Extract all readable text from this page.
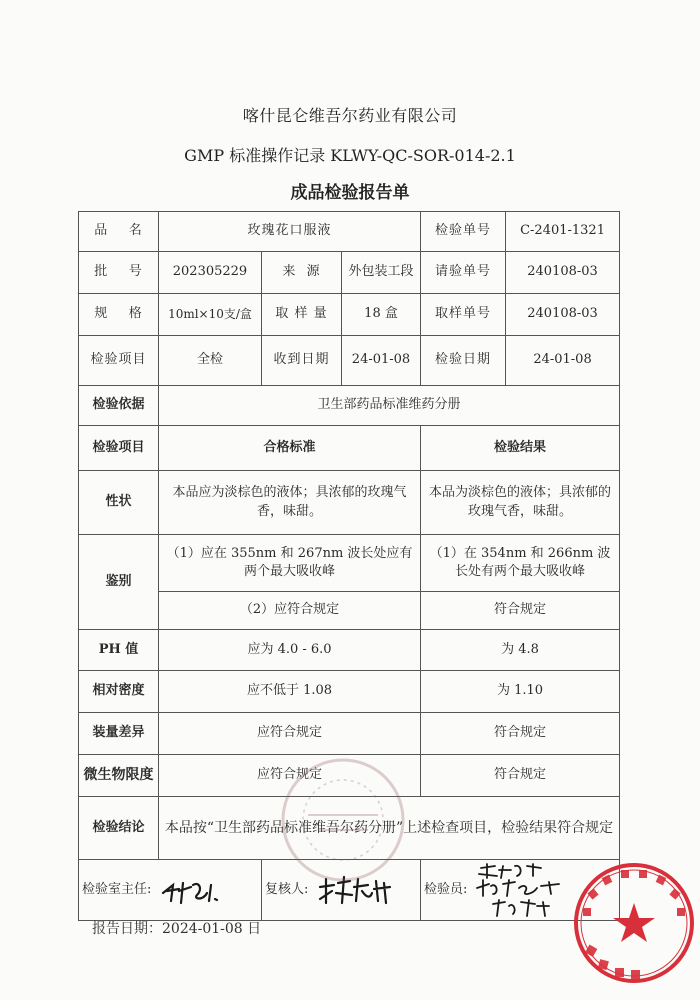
喀什昆仑维吾尔药业有限公司
GMP 标准操作记录 KLWY-QC-SOR-014-2.1
成品检验报告单
品    名	玫瑰花口服液			检验单号	C-2401-1321
批    号	202305229	来  源	外包装工段	请验单号	240108-03
规    格	10ml×10支/盒	取 样 量	18 盒	取样单号	240108-03
检验项目	全检	收到日期	24-01-08	检验日期	24-01-08
检验依据	卫生部药品标准维药分册				
检验项目	合格标准			检验结果	
性状	本品应为淡棕色的液体；具浓郁的玫瑰气香，味甜。			本品为淡棕色的液体；具浓郁的玫瑰气香，味甜。	
鉴别	（1）应在 355nm 和 267nm 波长处应有两个最大吸收峰			（1）在 354nm 和 266nm 波长处有两个最大吸收峰	
	（2）应符合规定			符合规定	
PH 值	应为 4.0 - 6.0			为 4.8	
相对密度	应不低于 1.08			为 1.10	
装量差异	应符合规定			符合规定	
微生物限度	应符合规定			符合规定	
检验结论	本品按“卫生部药品标准维吾尔药分册”上述检查项目，检验结果符合规定				

检验室主任:		复核人:		检验员:	
报告日期：2024-01-08 日
